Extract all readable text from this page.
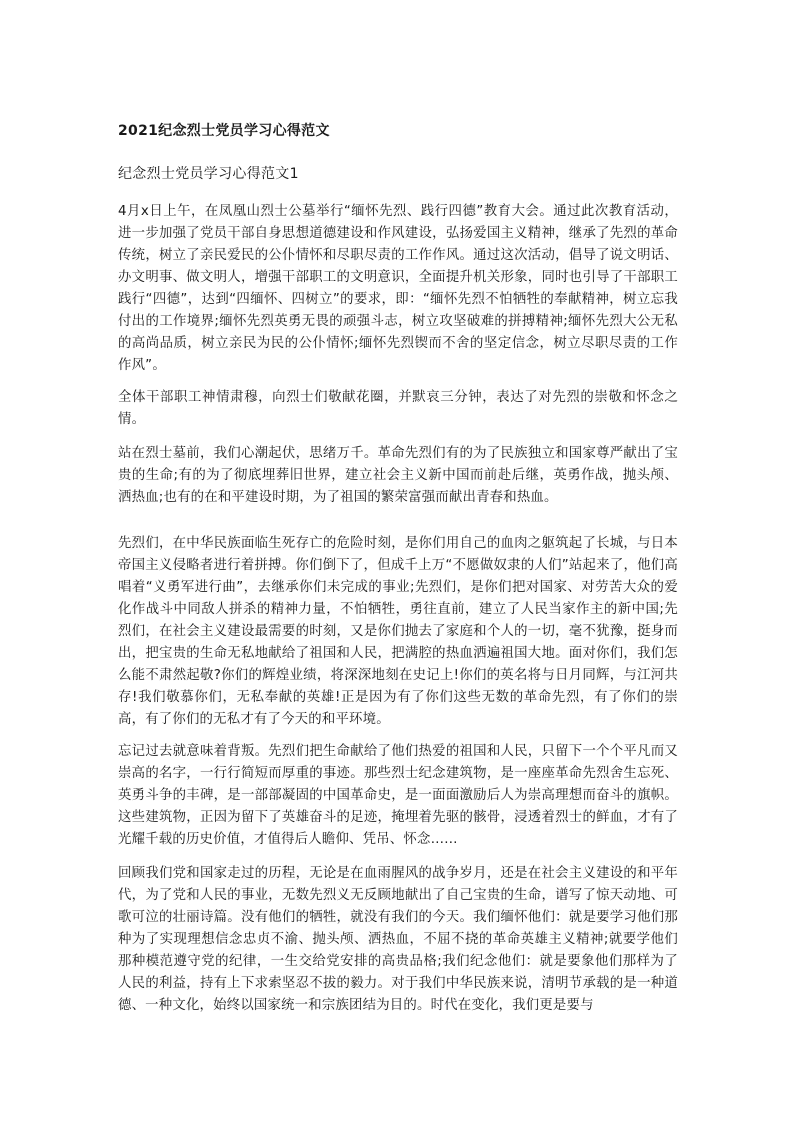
2021纪念烈士党员学习心得范文
纪念烈士党员学习心得范文1

4月x日上午，在凤凰山烈士公墓举行“缅怀先烈、践行四德”教育大会。通过此次教育活动，进一步加强了党员干部自身思想道德建设和作风建设，弘扬爱国主义精神，继承了先烈的革命传统，树立了亲民爱民的公仆情怀和尽职尽责的工作作风。通过这次活动，倡导了说文明话、办文明事、做文明人，增强干部职工的文明意识，全面提升机关形象，同时也引导了干部职工践行“四德”，达到“四缅怀、四树立”的要求，即：“缅怀先烈不怕牺牲的奉献精神，树立忘我付出的工作境界;缅怀先烈英勇无畏的顽强斗志，树立攻坚破难的拼搏精神;缅怀先烈大公无私的高尚品质，树立亲民为民的公仆情怀;缅怀先烈锲而不舍的坚定信念，树立尽职尽责的工作作风”。

全体干部职工神情肃穆，向烈士们敬献花圈，并默哀三分钟，表达了对先烈的崇敬和怀念之情。

站在烈士墓前，我们心潮起伏，思绪万千。革命先烈们有的为了民族独立和国家尊严献出了宝贵的生命;有的为了彻底埋葬旧世界，建立社会主义新中国而前赴后继，英勇作战，抛头颅、洒热血;也有的在和平建设时期，为了祖国的繁荣富强而献出青春和热血。

先烈们，在中华民族面临生死存亡的危险时刻，是你们用自己的血肉之躯筑起了长城，与日本帝国主义侵略者进行着拼搏。你们倒下了，但成千上万“不愿做奴隶的人们”站起来了，他们高唱着“义勇军进行曲”，去继承你们未完成的事业;先烈们，是你们把对国家、对劳苦大众的爱化作战斗中同敌人拼杀的精神力量，不怕牺牲，勇往直前，建立了人民当家作主的新中国;先烈们，在社会主义建设最需要的时刻，又是你们抛去了家庭和个人的一切，毫不犹豫，挺身而出，把宝贵的生命无私地献给了祖国和人民，把满腔的热血洒遍祖国大地。面对你们，我们怎么能不肃然起敬?你们的辉煌业绩，将深深地刻在史记上!你们的英名将与日月同辉，与江河共存!我们敬慕你们，无私奉献的英雄!正是因为有了你们这些无数的革命先烈，有了你们的崇高，有了你们的无私才有了今天的和平环境。

忘记过去就意味着背叛。先烈们把生命献给了他们热爱的祖国和人民，只留下一个个平凡而又崇高的名字，一行行简短而厚重的事迹。那些烈士纪念建筑物，是一座座革命先烈舍生忘死、英勇斗争的丰碑，是一部部凝固的中国革命史，是一面面激励后人为崇高理想而奋斗的旗帜。这些建筑物，正因为留下了英雄奋斗的足迹，掩埋着先驱的骸骨，浸透着烈士的鲜血，才有了光耀千载的历史价值，才值得后人瞻仰、凭吊、怀念……

回顾我们党和国家走过的历程，无论是在血雨腥风的战争岁月，还是在社会主义建设的和平年代，为了党和人民的事业，无数先烈义无反顾地献出了自己宝贵的生命，谱写了惊天动地、可歌可泣的壮丽诗篇。没有他们的牺牲，就没有我们的今天。我们缅怀他们：就是要学习他们那种为了实现理想信念忠贞不渝、抛头颅、洒热血，不屈不挠的革命英雄主义精神;就要学他们那种模范遵守党的纪律，一生交给党安排的高贵品格;我们纪念他们：就是要象他们那样为了人民的利益，持有上下求索坚忍不拔的毅力。对于我们中华民族来说，清明节承载的是一种道德、一种文化，始终以国家统一和宗族团结为目的。时代在变化，我们更是要与
